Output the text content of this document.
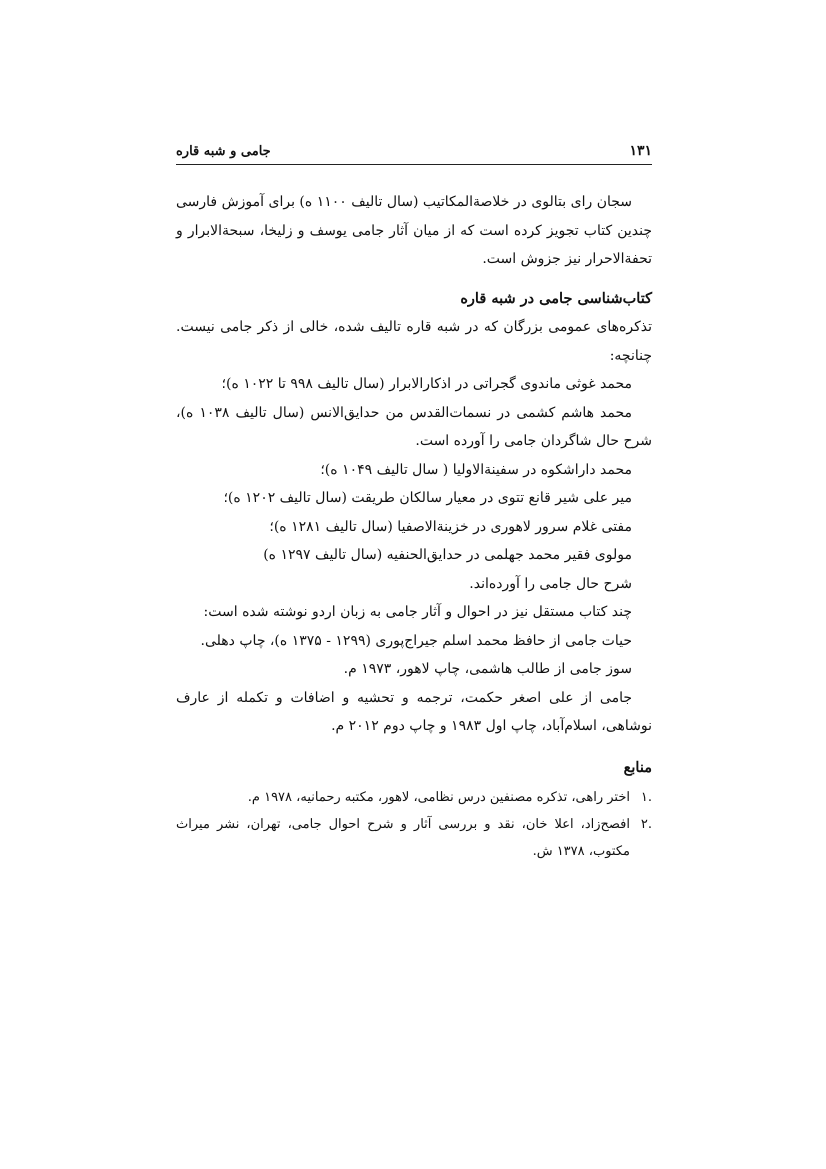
۱۳۱
جامی و شبه قاره

سجان رای بتالوی در خلاصة‌المکاتیب (سال تالیف ۱۱۰۰ ه) برای آموزش فارسی چندین کتاب تجویز کرده است که از میان آثار جامی یوسف و زلیخا، سبحة‌الابرار و تحفة‌الاحرار نیز جزوش است.

کتاب‌شناسی جامی در شبه قاره

تذکره‌های عمومی بزرگان که در شبه قاره تالیف شده، خالی از ذکر جامی نیست. چنانچه:

محمد غوثی ماندوی گجراتی در اذکارالابرار (سال تالیف ۹۹۸ تا ۱۰۲۲ ه)؛

محمد هاشم کشمی در نسمات‌القدس من حدایق‌الانس (سال تالیف ۱۰۳۸ ه)، شرح حال شاگردان جامی را آورده است.

محمد داراشکوه در سفینة‌الاولیا ( سال تالیف ۱۰۴۹ ه)؛

میر علی شیر قانع تتوی در معیار سالکان طریقت (سال تالیف ۱۲۰۲ ه)؛

مفتی غلام سرور لاهوری در خزینة‌الاصفیا (سال تالیف ۱۲۸۱ ه)؛

مولوی فقیر محمد جهلمی در حدایق‌الحنفیه (سال تالیف ۱۲۹۷ ه)

شرح حال جامی را آورده‌اند.

چند کتاب مستقل نیز در احوال و آثار جامی به زبان اردو نوشته شده است:

حیات جامی از حافظ محمد اسلم جیراج‌پوری (۱۲۹۹ - ۱۳۷۵ ه)، چاپ دهلی.

سوز جامی از طالب هاشمی، چاپ لاهور، ۱۹۷۳ م.

جامی از علی اصغر حکمت، ترجمه و تحشیه و اضافات و تکمله از عارف نوشاهی، اسلام‌آباد، چاپ اول ۱۹۸۳ و چاپ دوم ۲۰۱۲ م.

منابع
.۱
اختر راهی، تذکره مصنفین درس نظامی، لاهور، مکتبه رحمانیه، ۱۹۷۸ م.
.۲
افصح‌زاد، اعلا خان، نقد و بررسی آثار و شرح احوال جامی، تهران، نشر میراث مکتوب، ۱۳۷۸ ش.
